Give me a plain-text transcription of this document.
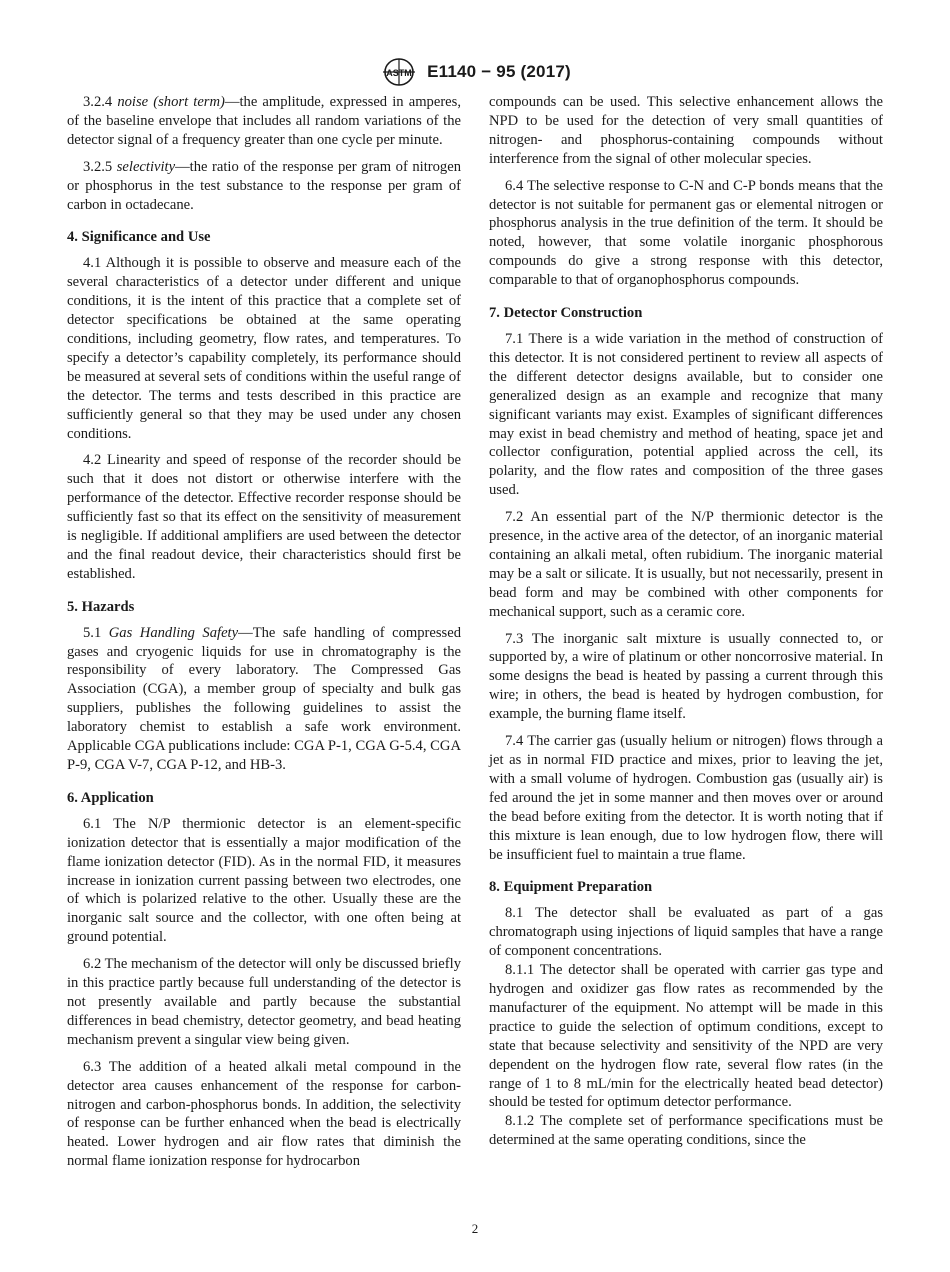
ASTM E1140 − 95 (2017)

3.2.4 noise (short term)—the amplitude, expressed in amperes, of the baseline envelope that includes all random variations of the detector signal of a frequency greater than one cycle per minute.

3.2.5 selectivity—the ratio of the response per gram of nitrogen or phosphorus in the test substance to the response per gram of carbon in octadecane.

4. Significance and Use

4.1 Although it is possible to observe and measure each of the several characteristics of a detector under different and unique conditions, it is the intent of this practice that a complete set of detector specifications be obtained at the same operating conditions, including geometry, flow rates, and temperatures. To specify a detector’s capability completely, its performance should be measured at several sets of conditions within the useful range of the detector. The terms and tests described in this practice are sufficiently general so that they may be used under any chosen conditions.

4.2 Linearity and speed of response of the recorder should be such that it does not distort or otherwise interfere with the performance of the detector. Effective recorder response should be sufficiently fast so that its effect on the sensitivity of measurement is negligible. If additional amplifiers are used between the detector and the final readout device, their characteristics should first be established.

5. Hazards

5.1 Gas Handling Safety—The safe handling of compressed gases and cryogenic liquids for use in chromatography is the responsibility of every laboratory. The Compressed Gas Association (CGA), a member group of specialty and bulk gas suppliers, publishes the following guidelines to assist the laboratory chemist to establish a safe work environment. Applicable CGA publications include: CGA P-1, CGA G-5.4, CGA P-9, CGA V-7, CGA P-12, and HB-3.

6. Application

6.1 The N/P thermionic detector is an element-specific ionization detector that is essentially a major modification of the flame ionization detector (FID). As in the normal FID, it measures increase in ionization current passing between two electrodes, one of which is polarized relative to the other. Usually these are the inorganic salt source and the collector, with one often being at ground potential.

6.2 The mechanism of the detector will only be discussed briefly in this practice partly because full understanding of the detector is not presently available and partly because the substantial differences in bead chemistry, detector geometry, and bead heating mechanism prevent a singular view being given.

6.3 The addition of a heated alkali metal compound in the detector area causes enhancement of the response for carbon-nitrogen and carbon-phosphorus bonds. In addition, the selectivity of response can be further enhanced when the bead is electrically heated. Lower hydrogen and air flow rates that diminish the normal flame ionization response for hydrocarbon

compounds can be used. This selective enhancement allows the NPD to be used for the detection of very small quantities of nitrogen- and phosphorus-containing compounds without interference from the signal of other molecular species.

6.4 The selective response to C-N and C-P bonds means that the detector is not suitable for permanent gas or elemental nitrogen or phosphorus analysis in the true definition of the term. It should be noted, however, that some volatile inorganic phosphorous compounds do give a strong response with this detector, comparable to that of organophosphorus compounds.

7. Detector Construction

7.1 There is a wide variation in the method of construction of this detector. It is not considered pertinent to review all aspects of the different detector designs available, but to consider one generalized design as an example and recognize that many significant variants may exist. Examples of significant differences may exist in bead chemistry and method of heating, space jet and collector configuration, potential applied across the cell, its polarity, and the flow rates and composition of the three gases used.

7.2 An essential part of the N/P thermionic detector is the presence, in the active area of the detector, of an inorganic material containing an alkali metal, often rubidium. The inorganic material may be a salt or silicate. It is usually, but not necessarily, present in bead form and may be combined with other components for mechanical support, such as a ceramic core.

7.3 The inorganic salt mixture is usually connected to, or supported by, a wire of platinum or other noncorrosive material. In some designs the bead is heated by passing a current through this wire; in others, the bead is heated by hydrogen combustion, for example, the burning flame itself.

7.4 The carrier gas (usually helium or nitrogen) flows through a jet as in normal FID practice and mixes, prior to leaving the jet, with a small volume of hydrogen. Combustion gas (usually air) is fed around the jet in some manner and then moves over or around the bead before exiting from the detector. It is worth noting that if this mixture is lean enough, due to low hydrogen flow, there will be insufficient fuel to maintain a true flame.

8. Equipment Preparation

8.1 The detector shall be evaluated as part of a gas chromatograph using injections of liquid samples that have a range of component concentrations.

8.1.1 The detector shall be operated with carrier gas type and hydrogen and oxidizer gas flow rates as recommended by the manufacturer of the equipment. No attempt will be made in this practice to guide the selection of optimum conditions, except to state that because selectivity and sensitivity of the NPD are very dependent on the hydrogen flow rate, several flow rates (in the range of 1 to 8 mL/min for the electrically heated bead detector) should be tested for optimum detector performance.

8.1.2 The complete set of performance specifications must be determined at the same operating conditions, since the

2
